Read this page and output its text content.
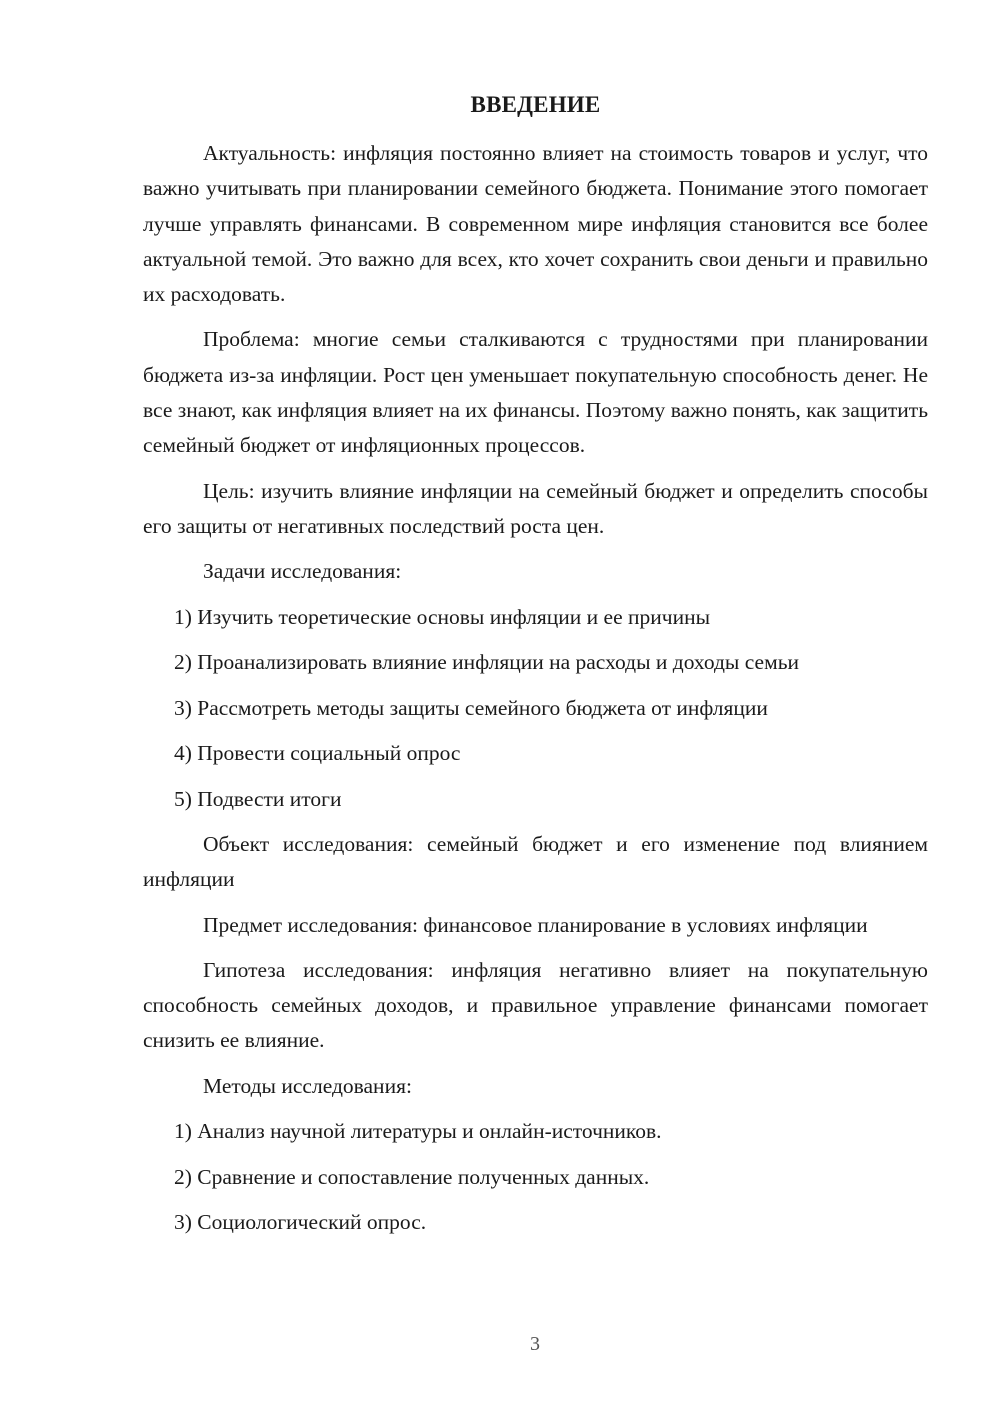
ВВЕДЕНИЕ

Актуальность: инфляция постоянно влияет на стоимость товаров и услуг, что важно учитывать при планировании семейного бюджета. Понимание этого помогает лучше управлять финансами. В современном мире инфляция становится все более актуальной темой. Это важно для всех, кто хочет сохранить свои деньги и правильно их расходовать.

Проблема: многие семьи сталкиваются с трудностями при планировании бюджета из-за инфляции. Рост цен уменьшает покупательную способность денег. Не все знают, как инфляция влияет на их финансы. Поэтому важно понять, как защитить семейный бюджет от инфляционных процессов.

Цель: изучить влияние инфляции на семейный бюджет и определить способы его защиты от негативных последствий роста цен.

Задачи исследования:

1) Изучить теоретические основы инфляции и ее причины
2) Проанализировать влияние инфляции на расходы и доходы семьи
3) Рассмотреть методы защиты семейного бюджета от инфляции
4) Провести социальный опрос
5) Подвести итоги

Объект исследования: семейный бюджет и его изменение под влиянием инфляции

Предмет исследования: финансовое планирование в условиях инфляции

Гипотеза исследования: инфляция негативно влияет на покупательную способность семейных доходов, и правильное управление финансами помогает снизить ее влияние.

Методы исследования:

1) Анализ научной литературы и онлайн-источников.
2) Сравнение и сопоставление полученных данных.
3) Социологический опрос.
3
